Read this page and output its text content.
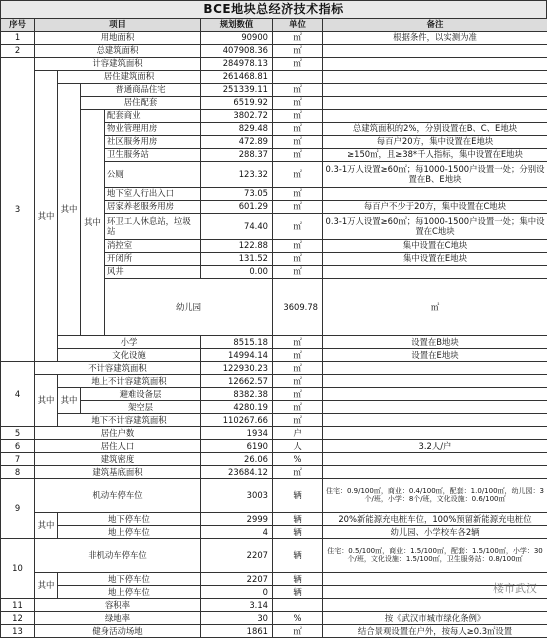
BCE地块总经济技术指标
序号	项目				规划数值	单位	备注	
1	用地面积				90900	㎡	根据条件，以实测为准	
2	总建筑面积				407908.36	㎡		
3	计容建筑面积				284978.13	㎡		
	其中	居住建筑面积			261468.81			
		其中	普通商品住宅		251339.11	㎡		
			居住配套		6519.92	㎡		
			其中	配套商业	3802.72	㎡		
				物业管理用房	829.48	㎡	总建筑面积的2%，分别设置在B、C、E地块	
				社区服务用房	472.89	㎡	每百户20方，集中设置在E地块	
				卫生服务站	288.37	㎡	≥150㎡，且≥38*千人指标，集中设置在E地块	
				公厕	123.32	㎡	0.3-1万人设置≥60㎡；每1000-1500户设置一处；分别设置在B、E地块	
				地下室人行出入口	73.05	㎡		
				居家养老服务用房	601.29	㎡	每百户不少于20方，集中设置在C地块	
				环卫工人休息站，垃圾站	74.40	㎡	0.3-1万人设置≥60㎡；每1000-1500户设置一处；集中设置在C地块	
				消控室	122.88	㎡	集中设置在C地块	
				开闭所	131.52	㎡	集中设置在E地块	
				风井	0.00	㎡		
				幼儿园		3609.78	㎡	
		小学			8515.18	㎡	设置在B地块	
		文化设施			14994.14	㎡	设置在E地块	
4	不计容建筑面积				122930.23	㎡		
	其中	地上不计容建筑面积			12662.57	㎡		
		其中	避难设备层		8382.38	㎡		
			架空层		4280.19	㎡		
		地下不计容建筑面积			110267.66	㎡		
5	居住户数				1934	户		
6	居住人口				6190	人	3.2人/户	
7	建筑密度				26.06	%		
8	建筑基底面积				23684.12	㎡		
9	机动车停车位				3003	辆	住宅：0.9/100㎡，商业：0.4/100㎡，配套：1.0/100㎡，幼儿园：3个/班，小学：8个/班，文化设施：0.6/100㎡	
	其中	地下停车位			2999	辆	20%新能源充电桩车位，100%预留新能源充电桩位	
		地上停车位			4	辆	幼儿园、小学校车各2辆	
10	非机动车停车位				2207	辆	住宅：0.5/100㎡，商业：1.5/100㎡，配套：1.5/100㎡，小学：30个/班，文化设施：1.5/100㎡，卫生服务站：0.8/100㎡	
	其中	地下停车位			2207	辆		
		地上停车位			0	辆		
11	容积率				3.14			
12	绿地率				30	%	按《武汉市城市绿化条例》	
13	健身活动场地				1861	㎡	结合景观设置在户外，按每人≥0.3㎡设置	
楼市武汉
